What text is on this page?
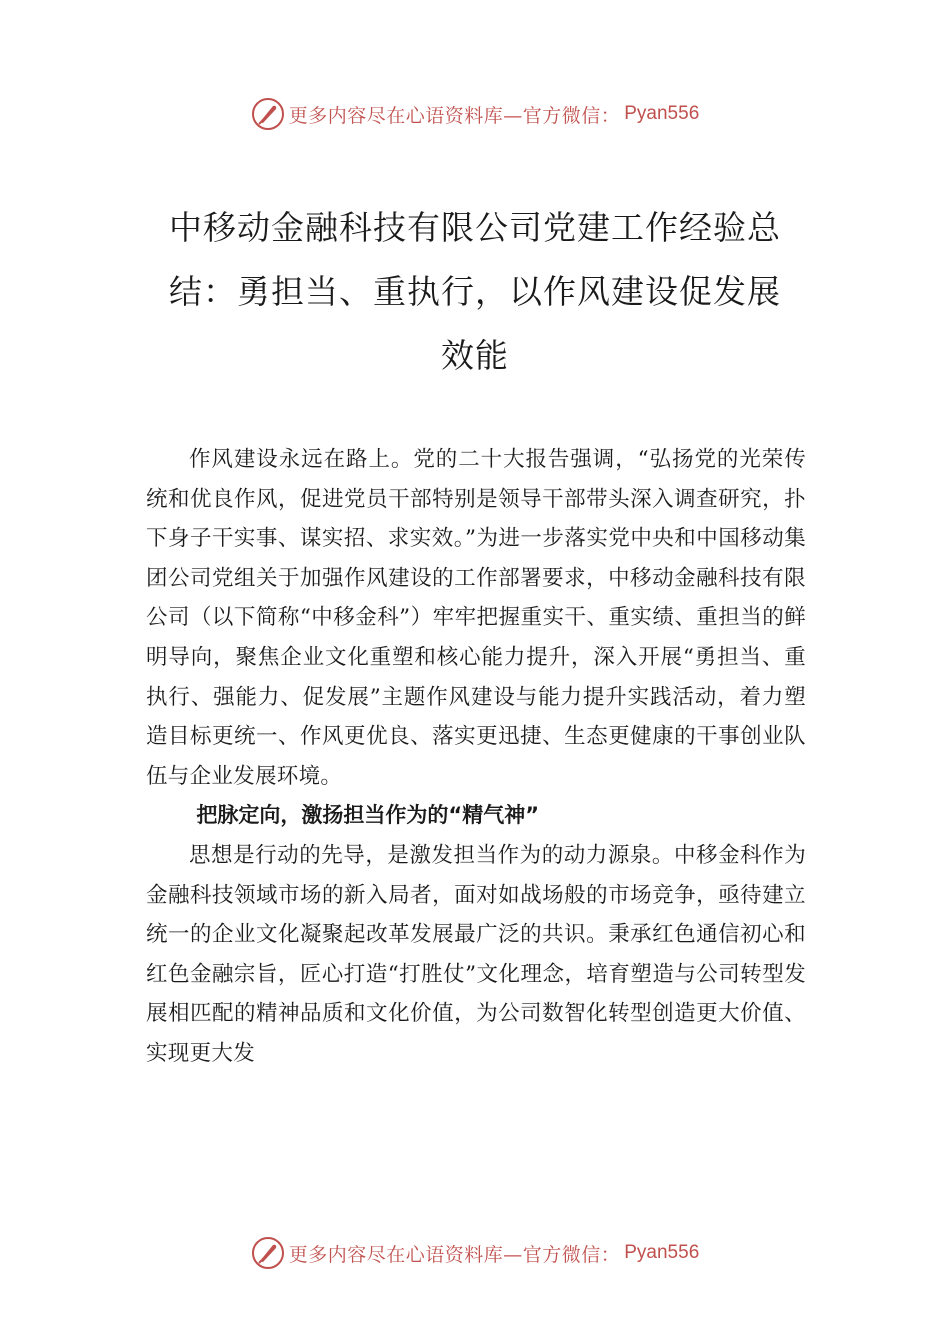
更多内容尽在心语资料库—官方微信： Pyan556
中移动金融科技有限公司党建工作经验总
结：勇担当、重执行，以作风建设促发展
效能

作风建设永远在路上。党的二十大报告强调，“弘扬党的光荣传统和优良作风，促进党员干部特别是领导干部带头深入调查研究，扑下身子干实事、谋实招、求实效。”为进一步落实党中央和中国移动集团公司党组关于加强作风建设的工作部署要求，中移动金融科技有限公司（以下简称“中移金科”）牢牢把握重实干、重实绩、重担当的鲜明导向，聚焦企业文化重塑和核心能力提升，深入开展“勇担当、重执行、强能力、促发展”主题作风建设与能力提升实践活动，着力塑造目标更统一、作风更优良、落实更迅捷、生态更健康的干事创业队伍与企业发展环境。

把脉定向，激扬担当作为的“精气神”

思想是行动的先导，是激发担当作为的动力源泉。中移金科作为金融科技领域市场的新入局者，面对如战场般的市场竞争，亟待建立统一的企业文化凝聚起改革发展最广泛的共识。秉承红色通信初心和红色金融宗旨，匠心打造“打胜仗”文化理念，培育塑造与公司转型发展相匹配的精神品质和文化价值，为公司数智化转型创造更大价值、实现更大发

更多内容尽在心语资料库—官方微信： Pyan556
